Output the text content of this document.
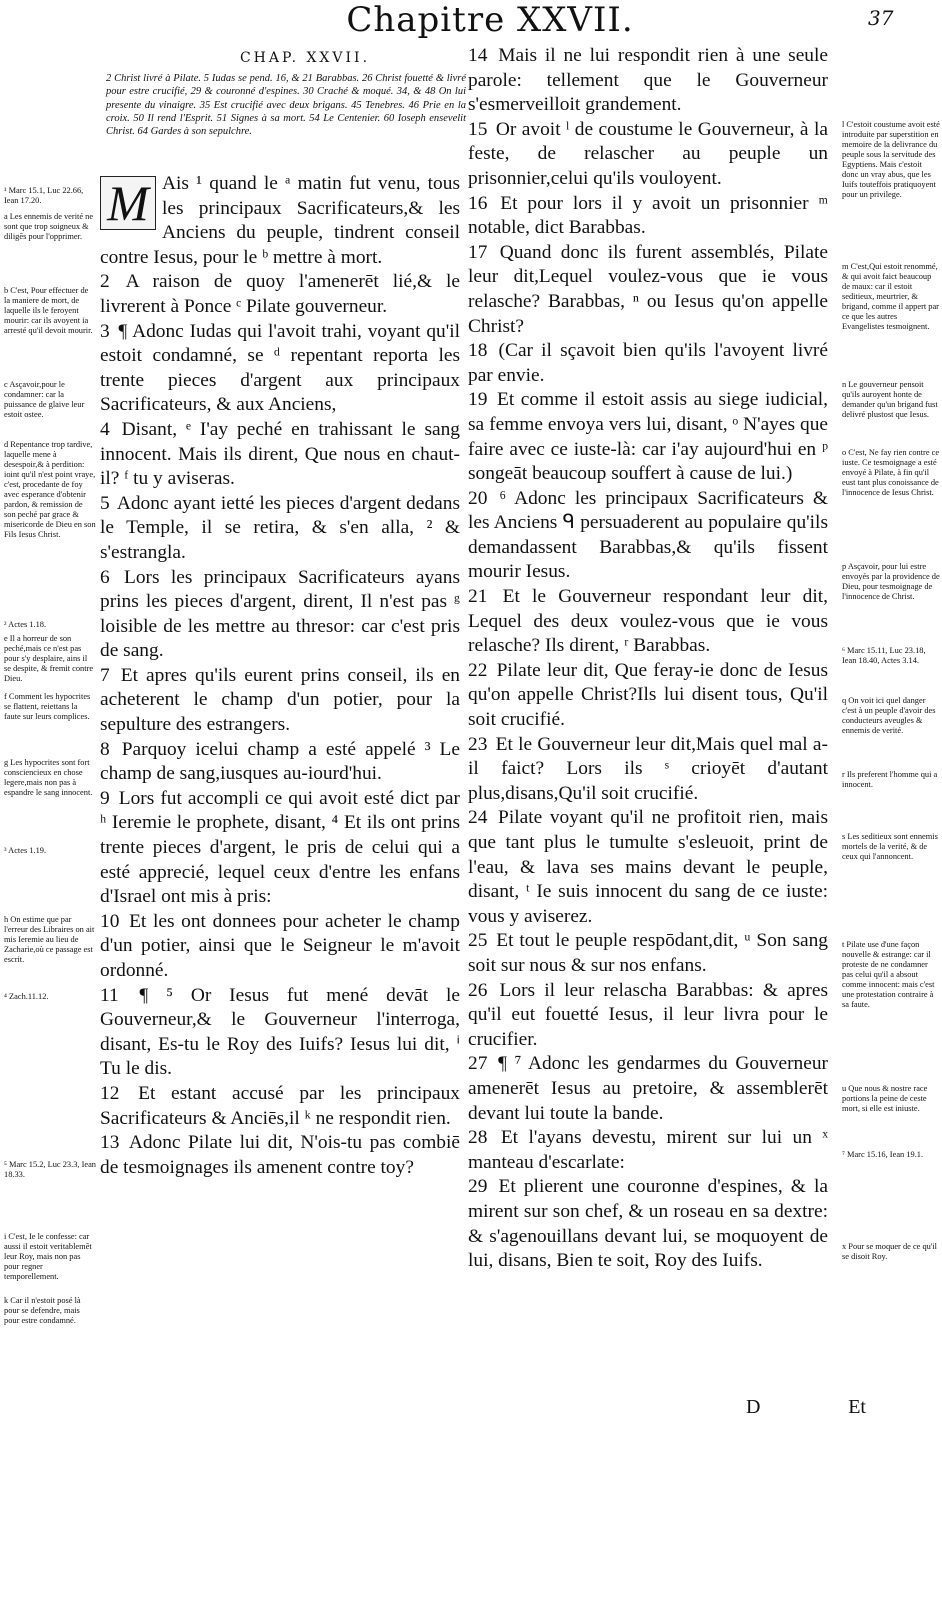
Chapitre XXVII.	37
CHAP. XXVII.
2 Christ livré à Pilate. 5 Iudas se pend. 16, & 21 Barabbas. 26 Christ fouetté & livré pour estre crucifié, 29 & couronné d'espines. 30 Craché & moqué. 34, & 48 On lui presente du vinaigre. 35 Est crucifié avec deux brigans. 45 Tenebres. 46 Prie en la croix. 50 Il rend l'Esprit. 51 Signes à sa mort. 54 Le Centenier. 60 Ioseph ensevelit Christ. 64 Gardes à son sepulchre.

M Ais ¹ quand le ᵃ matin fut venu, tous les principaux Sacrificateurs,& les Anciens du peuple, tindrent conseil contre Iesus, pour le ᵇ mettre à mort.

2 A raison de quoy l'amenerēt lié,& le livrerent à Ponce ᶜ Pilate gouverneur.

3 ¶ Adonc Iudas qui l'avoit trahi, voyant qu'il estoit condamné, se ᵈ repentant reporta les trente pieces d'argent aux principaux Sacrificateurs, & aux Anciens,

4 Disant, ᵉ I'ay peché en trahissant le sang innocent. Mais ils dirent, Que nous en chaut-il? ᶠ tu y aviseras.

5 Adonc ayant ietté les pieces d'argent dedans le Temple, il se retira, & s'en alla, ² & s'estrangla.

6 Lors les principaux Sacrificateurs ayans prins les pieces d'argent, dirent, Il n'est pas ᵍ loisible de les mettre au thresor: car c'est pris de sang.

7 Et apres qu'ils eurent prins conseil, ils en acheterent le champ d'un potier, pour la sepulture des estrangers.

8 Parquoy icelui champ a esté appelé ³ Le champ de sang,iusques au-iourd'hui.

9 Lors fut accompli ce qui avoit esté dict par ʰ Ieremie le prophete, disant, ⁴ Et ils ont prins trente pieces d'argent, le pris de celui qui a esté apprecié, lequel ceux d'entre les enfans d'Israel ont mis à pris:

10 Et les ont donnees pour acheter le champ d'un potier, ainsi que le Seigneur le m'avoit ordonné.

11 ¶ ⁵ Or Iesus fut mené devāt le Gouverneur,& le Gouverneur l'interroga, disant, Es-tu le Roy des Iuifs? Iesus lui dit, ⁱ Tu le dis.

12 Et estant accusé par les principaux Sacrificateurs & Anciēs,il ᵏ ne respondit rien.

13 Adonc Pilate lui dit, N'ois-tu pas combiē de tesmoignages ils amenent contre toy?

14 Mais il ne lui respondit rien à une seule parole: tellement que le Gouverneur s'esmerveilloit grandement.

15 Or avoit ˡ de coustume le Gouverneur, à la feste, de relascher au peuple un prisonnier,celui qu'ils vouloyent.

16 Et pour lors il y avoit un prisonnier ᵐ notable, dict Barabbas.

17 Quand donc ils furent assemblés, Pilate leur dit,Lequel voulez-vous que ie vous relasche? Barabbas, ⁿ ou Iesus qu'on appelle Christ?

18 (Car il sçavoit bien qu'ils l'avoyent livré par envie.

19 Et comme il estoit assis au siege iudicial, sa femme envoya vers lui, disant, ᵒ N'ayes que faire avec ce iuste-là: car i'ay aujourd'hui en ᵖ songeāt beaucoup souffert à cause de lui.)

20 ⁶ Adonc les principaux Sacrificateurs & les Anciens ᑫ persuaderent au populaire qu'ils demandassent Barabbas,& qu'ils fissent mourir Iesus.

21 Et le Gouverneur respondant leur dit, Lequel des deux voulez-vous que ie vous relasche? Ils dirent, ʳ Barabbas.

22 Pilate leur dit, Que feray-ie donc de Iesus qu'on appelle Christ?Ils lui disent tous, Qu'il soit crucifié.

23 Et le Gouverneur leur dit,Mais quel mal a-il faict? Lors ils ˢ crioyēt d'autant plus,disans,Qu'il soit crucifié.

24 Pilate voyant qu'il ne profitoit rien, mais que tant plus le tumulte s'esleuoit, print de l'eau, & lava ses mains devant le peuple, disant, ᵗ Ie suis innocent du sang de ce iuste: vous y aviserez.

25 Et tout le peuple respōdant,dit, ᵘ Son sang soit sur nous & sur nos enfans.

26 Lors il leur relascha Barabbas: & apres qu'il eut fouetté Iesus, il leur livra pour le crucifier.

27 ¶ ⁷ Adonc les gendarmes du Gouverneur amenerēt Iesus au pretoire, & assemblerēt devant lui toute la bande.

28 Et l'ayans devestu, mirent sur lui un ˣ manteau d'escarlate:

29 Et plierent une couronne d'espines, & la mirent sur son chef, & un roseau en sa dextre: & s'agenouillans devant lui, se moquoyent de lui, disans, Bien te soit, Roy des Iuifs.

¹ Marc 15.1, Luc 22.66, Iean 17.20.
a Les ennemis de verité ne sont que trop soigneux & diligēs pour l'opprimer.
b C'est, Pour effectuer de la maniere de mort, de laquelle ils le feroyent mourir: car ils avoyent ia arresté qu'il devoit mourir.
c Asçavoir,pour le condamner: car la puissance de glaive leur estoit ostee.
d Repentance trop tardive, laquelle mene à desespoir,& à perdition: ioint qu'il n'est point vraye, c'est, procedante de foy avec esperance d'obtenir pardon, & remission de son peché par grace & misericorde de Dieu en son Fils Iesus Christ.
² Actes 1.18.
e Il a horreur de son peché,mais ce n'est pas pour s'y desplaire, ains il se despite, & fremit contre Dieu.
f Comment les hypocrites se flattent, reiettans la faute sur leurs complices.
g Les hypocrites sont fort consciencieux en chose legere,mais non pas à espandre le sang innocent.
³ Actes 1.19.
h On estime que par l'erreur des Libraires on ait mis Ieremie au lieu de Zacharie,où ce passage est escrit.
⁴ Zach.11.12.
⁵ Marc 15.2, Luc 23.3, Iean 18.33.
i C'est, Ie le confesse: car aussi il estoit veritablemēt leur Roy, mais non pas pour regner temporellement.
k Car il n'estoit posé là pour se defendre, mais pour estre condamné.
l C'estoit coustume avoit esté introduite par superstition en memoire de la delivrance du peuple sous la servitude des Egyptiens. Mais c'estoit donc un vray abus, que les Iuifs touteffois pratiquoyent pour un privilege.
m C'est,Qui estoit renommé, & qui avoit faict beaucoup de maux: car il estoit seditieux, meurtrier, & brigand, comme il appert par ce que les autres Evangelistes tesmoignent.
n Le gouverneur pensoit qu'ils auroyent honte de demander qu'un brigand fust delivré plustost que Iesus.
o C'est, Ne fay rien contre ce iuste. Ce tesmoignage a esté envoyé à Pilate, à fin qu'il eust tant plus conoissance de l'innocence de Iesus Christ.
p Asçavoir, pour lui estre envoyés par la providence de Dieu, pour tesmoignage de l'innocence de Christ.
⁶ Marc 15.11, Luc 23.18, Iean 18.40, Actes 3.14.
q On voit ici quel danger c'est à un peuple d'avoir des conducteurs aveugles & ennemis de verité.
r Ils preferent l'homme qui a innocent.
s Les seditieux sont ennemis mortels de la verité, & de ceux qui l'annoncent.
t Pilate use d'une façon nouvelle & estrange: car il proteste de ne condamner pas celui qu'il a absout comme innocent: mais c'est une protestation contraire à sa faute.
u Que nous & nostre race portions la peine de ceste mort, si elle est iniuste.
⁷ Marc 15.16, Iean 19.1.
x Pour se moquer de ce qu'il se disoit Roy.
D	Et
